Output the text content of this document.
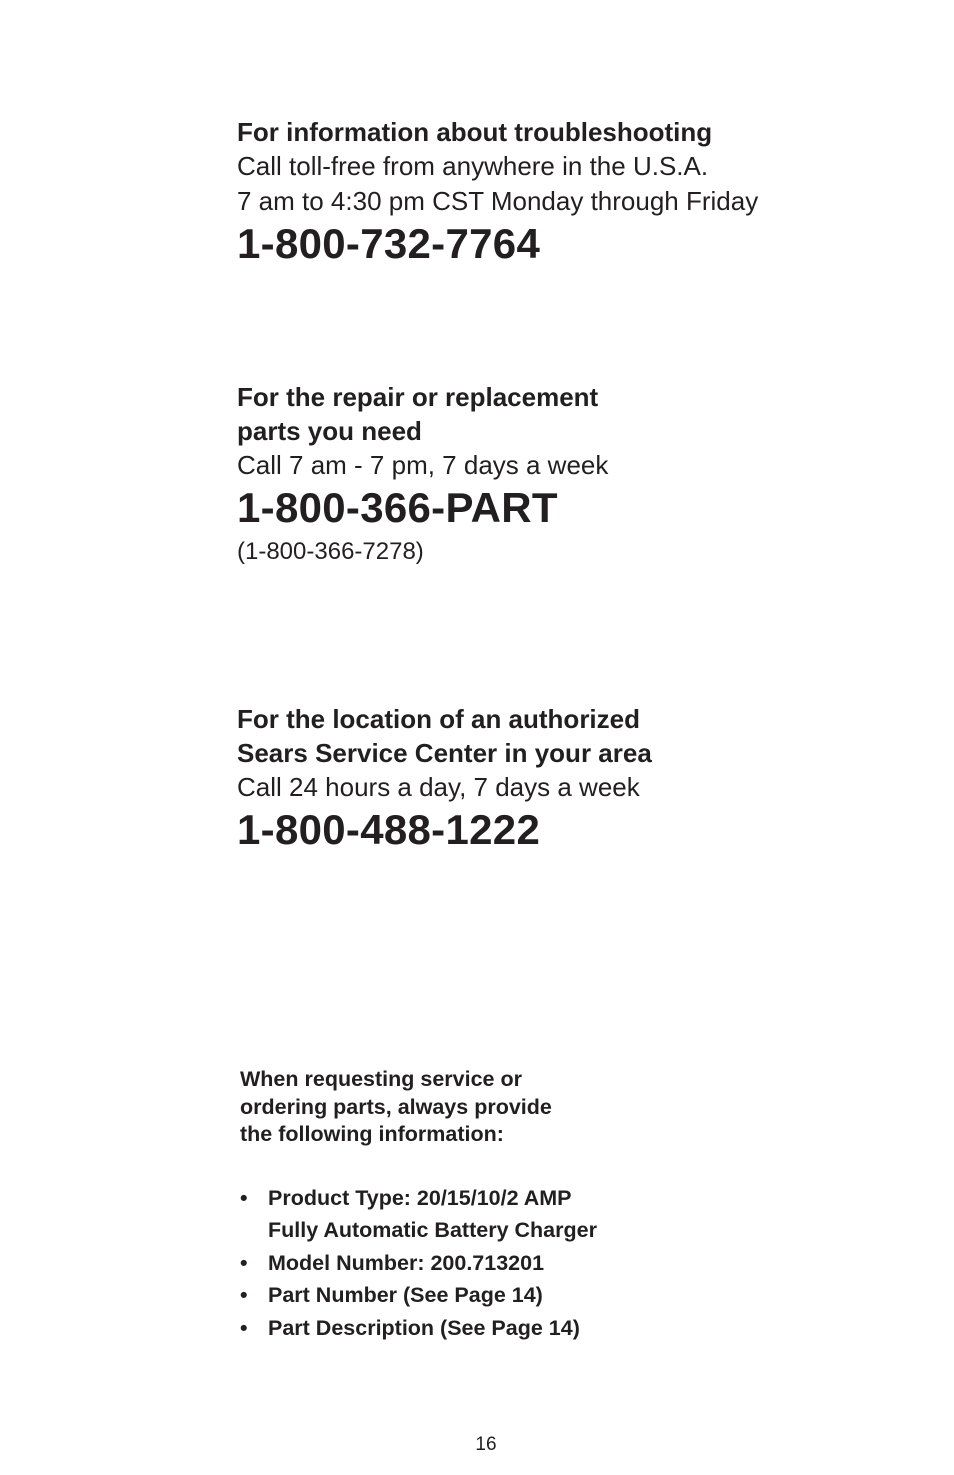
For information about troubleshooting
Call toll-free from anywhere in the U.S.A.
7 am to 4:30 pm CST Monday through Friday
1-800-732-7764
For the repair or replacement
parts you need
Call 7 am - 7 pm, 7 days a week
1-800-366-PART
(1-800-366-7278)
For the location of an authorized
Sears Service Center in your area
Call 24 hours a day, 7 days a week
1-800-488-1222
When requesting service or
ordering parts, always provide
the following information:
• Product Type: 20/15/10/2 AMP
Fully Automatic Battery Charger
• Model Number: 200.713201
• Part Number (See Page 14)
• Part Description (See Page 14)
16
